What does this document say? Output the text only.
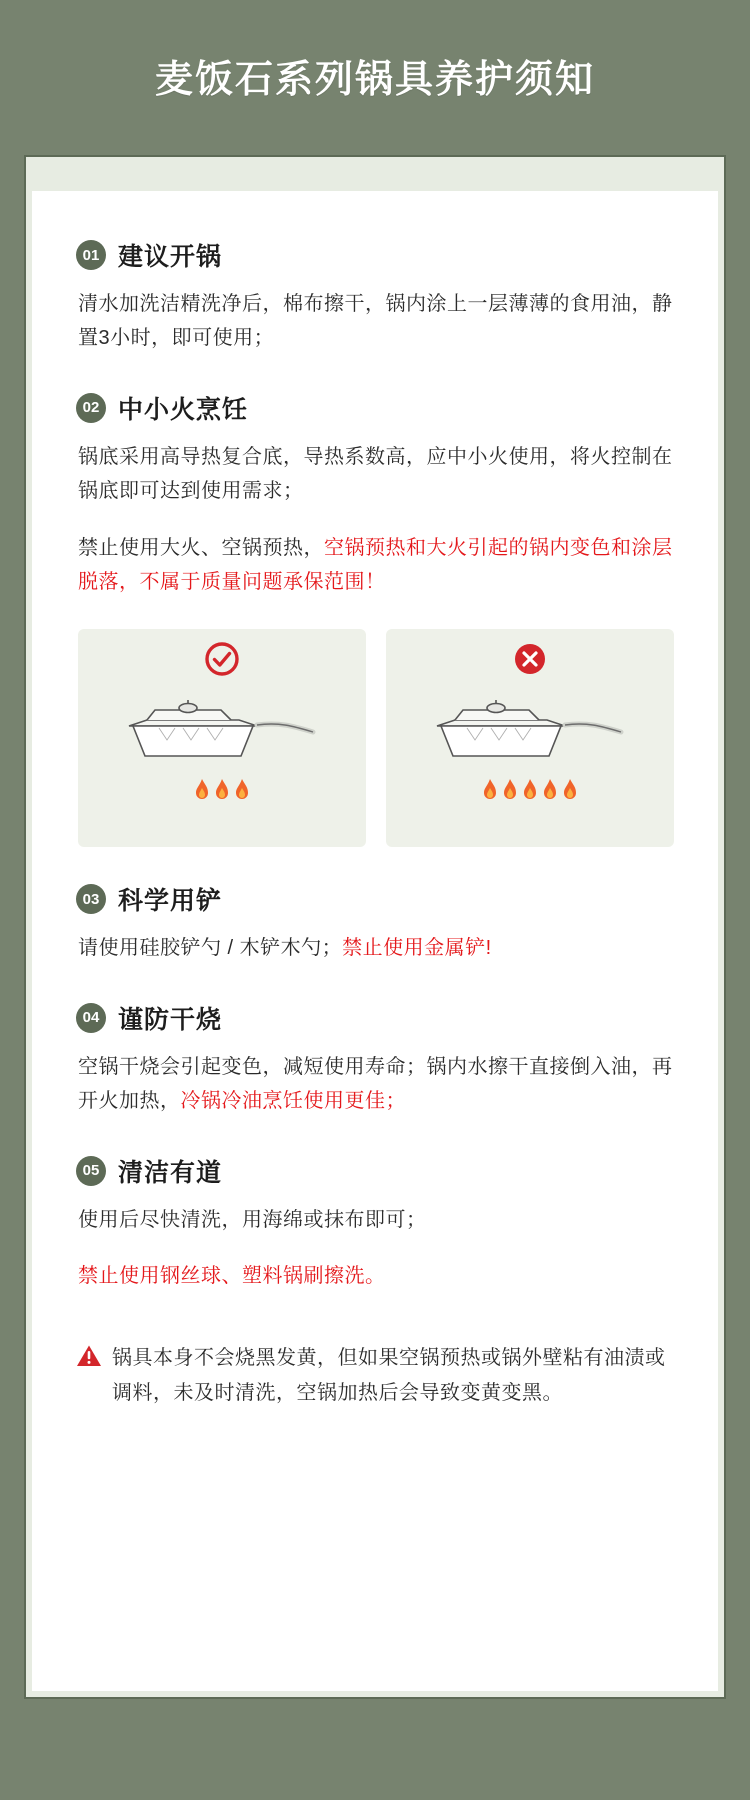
麦饭石系列锅具养护须知
01 建议开锅

清水加洗洁精洗净后，棉布擦干，锅内涂上一层薄薄的食用油，静置3小时，即可使用；

02 中小火烹饪

锅底采用高导热复合底，导热系数高，应中小火使用，将火控制在锅底即可达到使用需求；

禁止使用大火、空锅预热，空锅预热和大火引起的锅内变色和涂层脱落，不属于质量问题承保范围！

03 科学用铲

请使用硅胶铲勺 / 木铲木勺；禁止使用金属铲!

04 谨防干烧

空锅干烧会引起变色，减短使用寿命；锅内水擦干直接倒入油，再开火加热，冷锅冷油烹饪使用更佳；

05 清洁有道

使用后尽快清洗，用海绵或抹布即可；

禁止使用钢丝球、塑料锅刷擦洗。

锅具本身不会烧黑发黄，但如果空锅预热或锅外壁粘有油渍或调料，未及时清洗，空锅加热后会导致变黄变黑。
